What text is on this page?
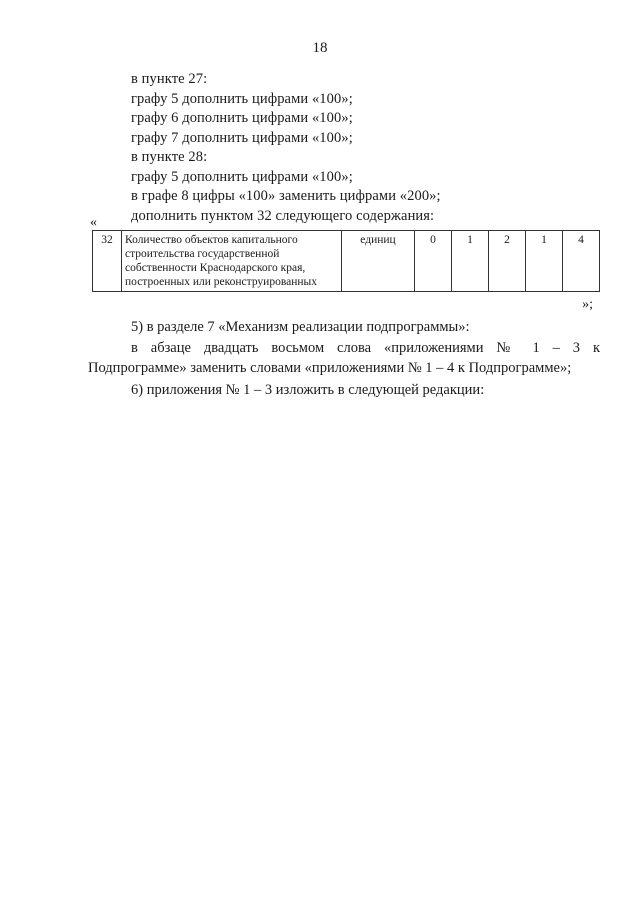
18
в пункте 27:
графу 5 дополнить цифрами «100»;
графу 6 дополнить цифрами «100»;
графу 7 дополнить цифрами «100»;
в пункте 28:
графу 5 дополнить цифрами «100»;
в графе 8 цифры «100» заменить цифрами «200»;
дополнить пунктом 32 следующего содержания:
«
32	Количество объектов капитального строительства государственной собственности Краснодарского края, построенных или реконструированных	единиц	0	1	2	1	4
»;
5) в разделе 7 «Механизм реализации подпрограммы»:
в абзаце двадцать восьмом слова «приложениями № 1 – 3 к Подпрограмме» заменить словами «приложениями № 1 – 4 к Подпрограмме»;
6) приложения № 1 – 3 изложить в следующей редакции:
